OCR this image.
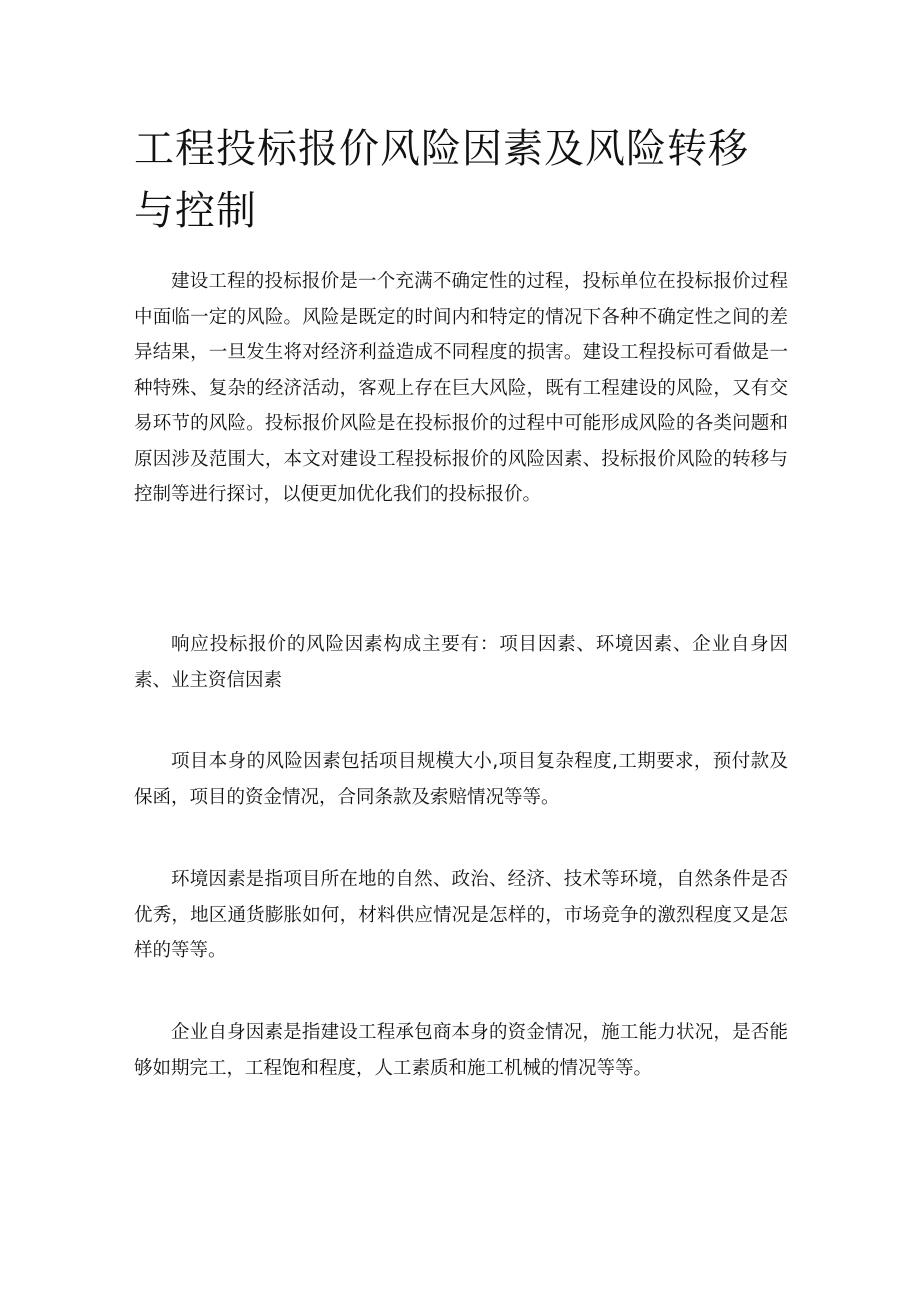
工程投标报价风险因素及风险转移与控制

建设工程的投标报价是一个充满不确定性的过程，投标单位在投标报价过程中面临一定的风险。风险是既定的时间内和特定的情况下各种不确定性之间的差异结果，一旦发生将对经济利益造成不同程度的损害。建设工程投标可看做是一种特殊、复杂的经济活动，客观上存在巨大风险，既有工程建设的风险，又有交易环节的风险。投标报价风险是在投标报价的过程中可能形成风险的各类问题和原因涉及范围大，本文对建设工程投标报价的风险因素、投标报价风险的转移与控制等进行探讨，以便更加优化我们的投标报价。

响应投标报价的风险因素构成主要有：项目因素、环境因素、企业自身因素、业主资信因素

项目本身的风险因素包括项目规模大小,项目复杂程度,工期要求，预付款及保函，项目的资金情况，合同条款及索赔情况等等。

环境因素是指项目所在地的自然、政治、经济、技术等环境，自然条件是否优秀，地区通货膨胀如何，材料供应情况是怎样的，市场竞争的激烈程度又是怎样的等等。

企业自身因素是指建设工程承包商本身的资金情况，施工能力状况，是否能够如期完工，工程饱和程度，人工素质和施工机械的情况等等。
